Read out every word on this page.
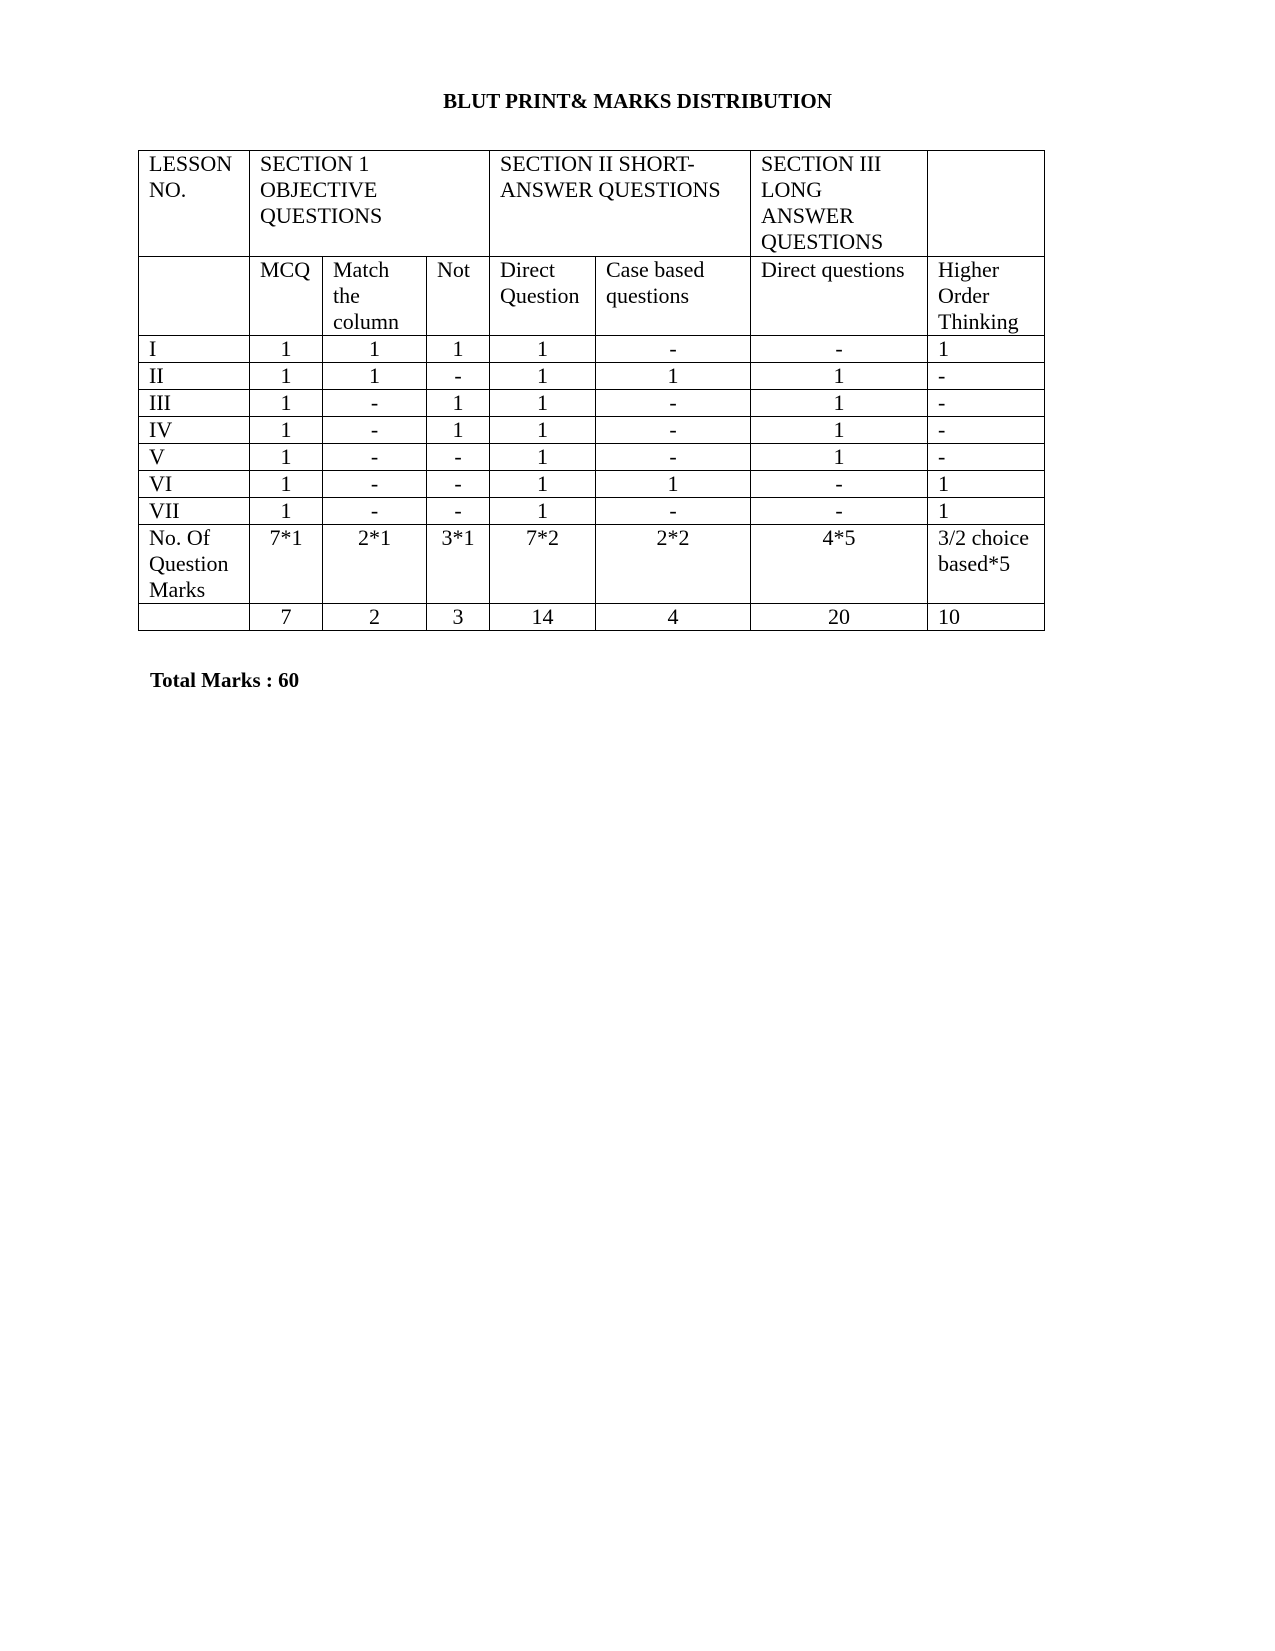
BLUT PRINT& MARKS DISTRIBUTION
LESSON NO.	SECTION 1 OBJECTIVE QUESTIONS			SECTION II SHORT- ANSWER QUESTIONS		SECTION III LONG ANSWER QUESTIONS	
	MCQ	Match the column	Not	Direct Question	Case based questions	Direct questions	Higher Order Thinking
I	1	1	1	1	-	-	1
II	1	1	-	1	1	1	-
III	1	-	1	1	-	1	-
IV	1	-	1	1	-	1	-
V	1	-	-	1	-	1	-
VI	1	-	-	1	1	-	1
VII	1	-	-	1	-	-	1
No. Of Question Marks	7*1	2*1	3*1	7*2	2*2	4*5	3/2 choice based*5
	7	2	3	14	4	20	10
Total Marks : 60
